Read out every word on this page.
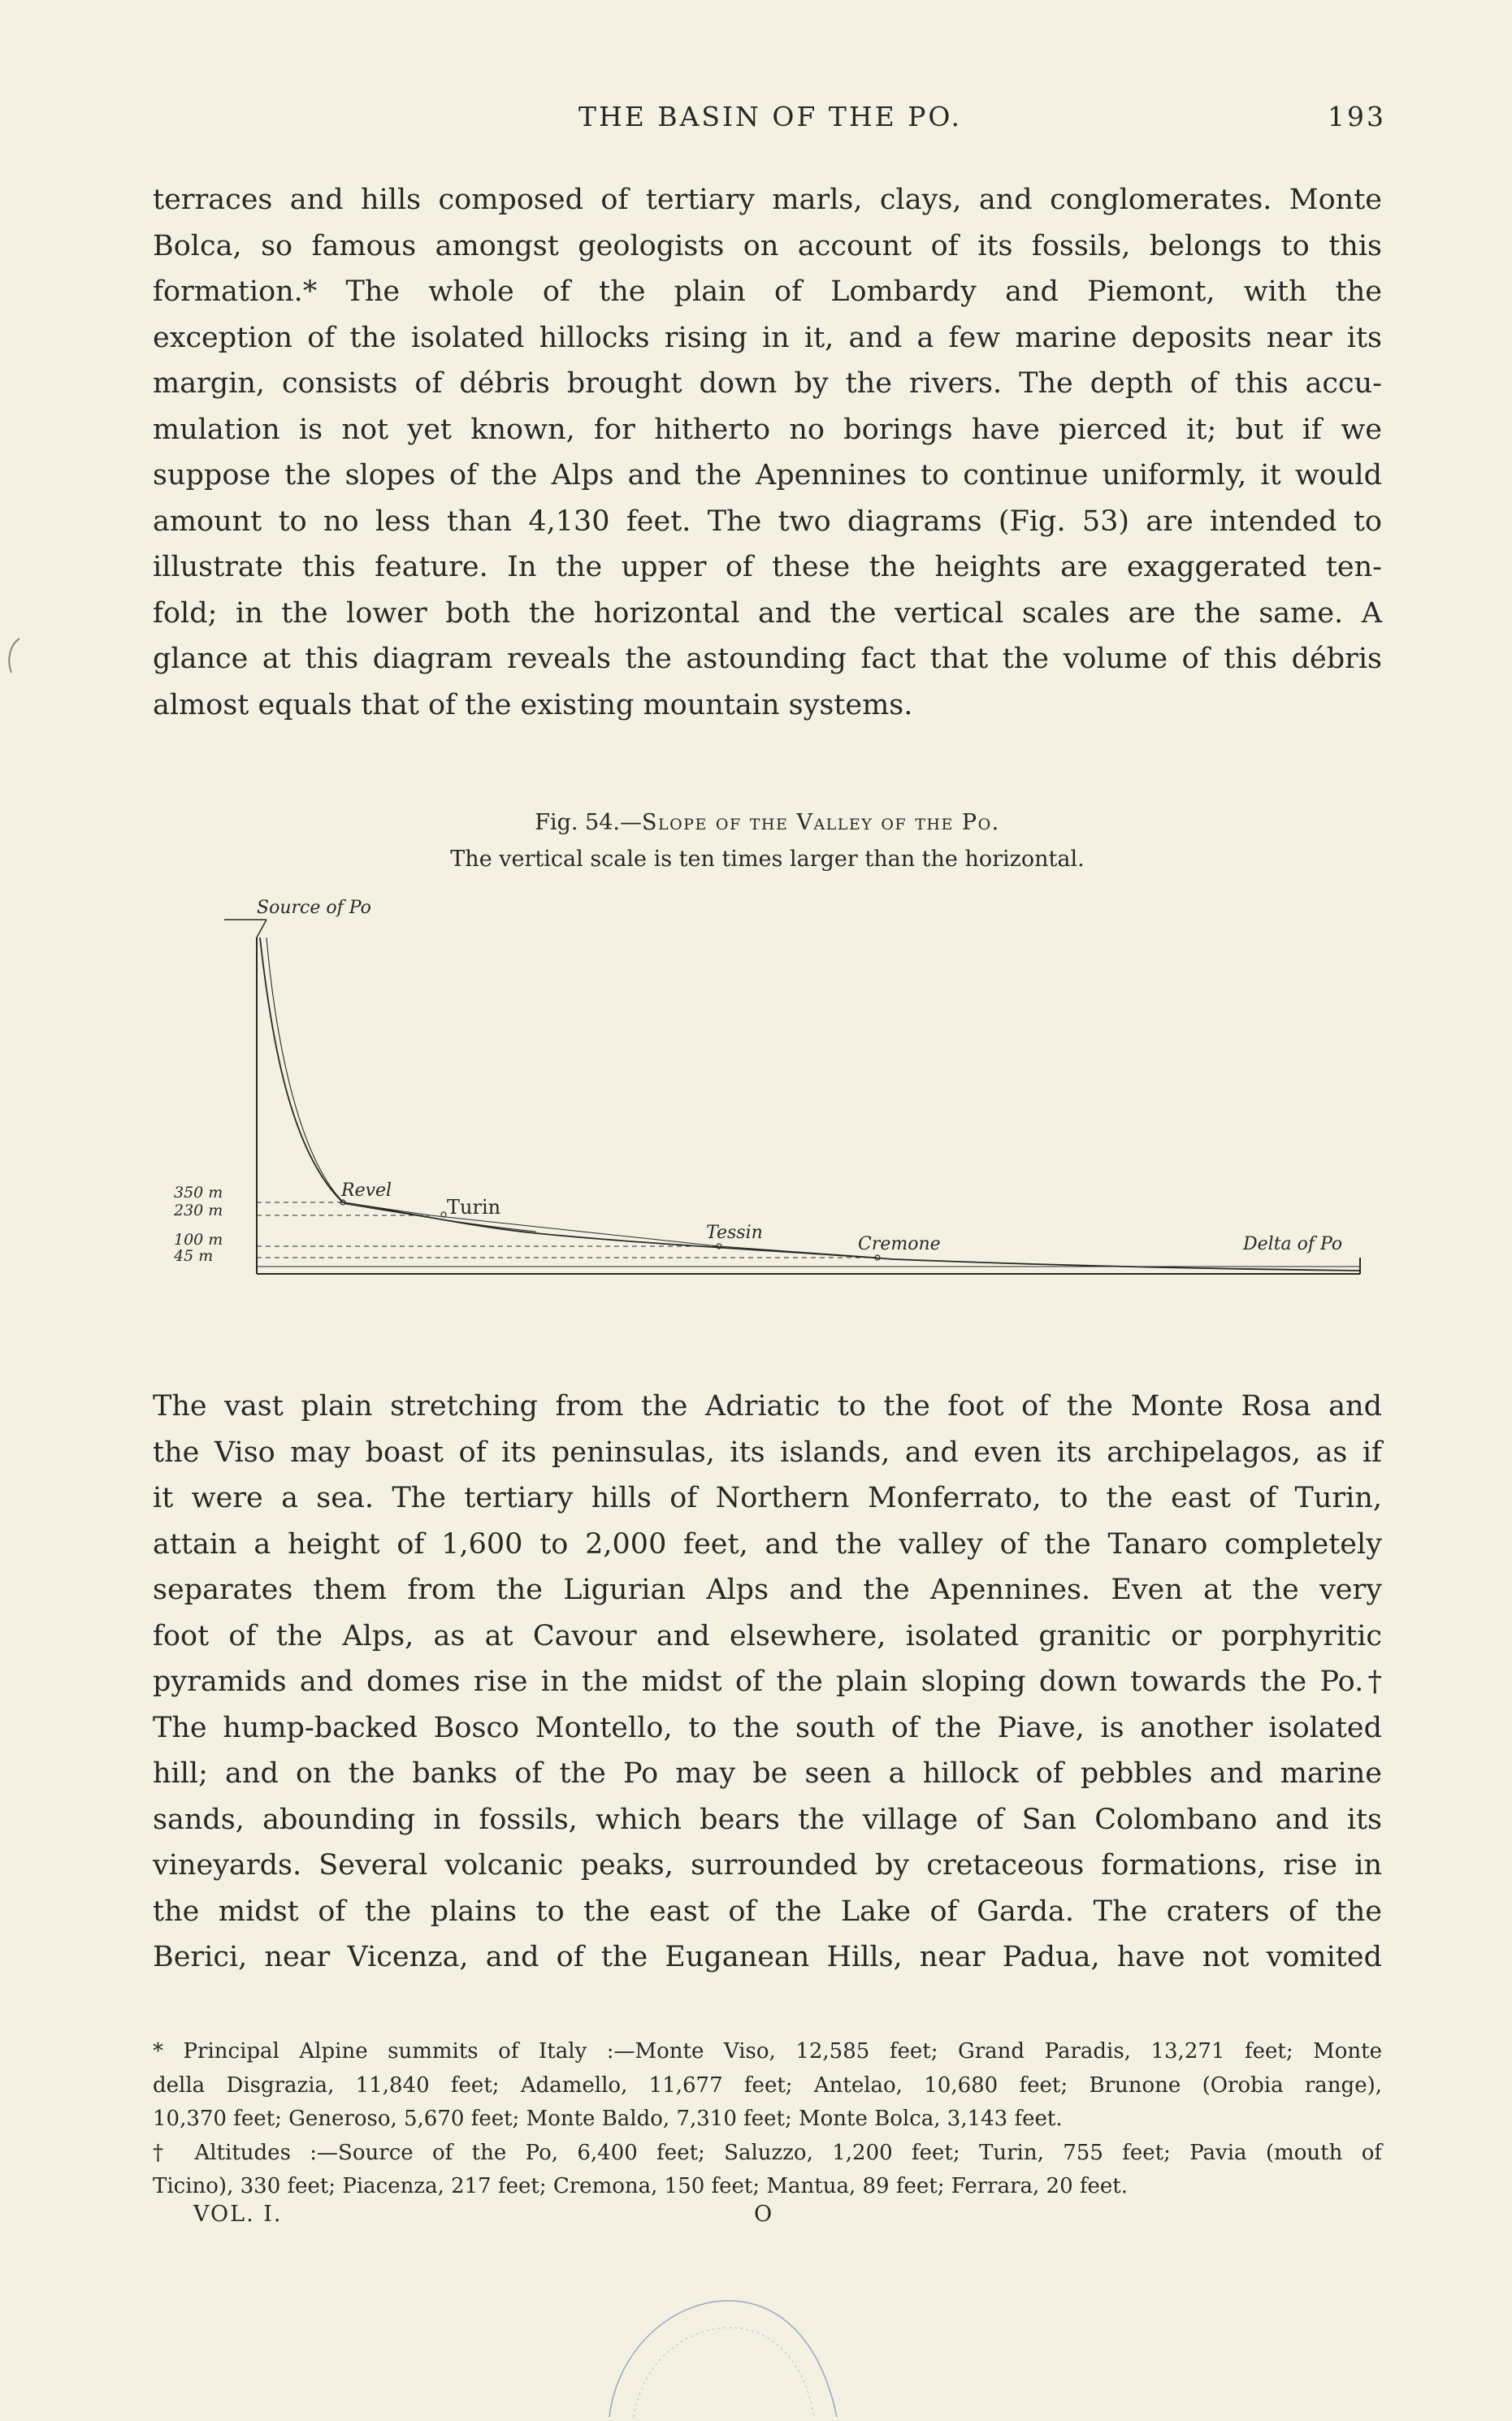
THE BASIN OF THE PO.	193
terraces and hills composed of tertiary marls, clays, and conglomerates. Monte
Bolca, so famous amongst geologists on account of its fossils, belongs to this
formation.* The whole of the plain of Lombardy and Piemont, with the
exception of the isolated hillocks rising in it, and a few marine deposits near its
margin, consists of débris brought down by the rivers. The depth of this accu-
mulation is not yet known, for hitherto no borings have pierced it; but if we
suppose the slopes of the Alps and the Apennines to continue uniformly, it would
amount to no less than 4,130 feet. The two diagrams (Fig. 53) are intended to
illustrate this feature. In the upper of these the heights are exaggerated ten-
fold; in the lower both the horizontal and the vertical scales are the same. A
glance at this diagram reveals the astounding fact that the volume of this débris
almost equals that of the existing mountain systems.
Fig. 54.—Slope of the Valley of the Po.
The vertical scale is ten times larger than the horizontal.
Source of Po
Revel
Turin
Tessin
Cremone	Delta of Po
350 m
230 m
100 m
45 m
The vast plain stretching from the Adriatic to the foot of the Monte Rosa and
the Viso may boast of its peninsulas, its islands, and even its archipelagos, as if
it were a sea. The tertiary hills of Northern Monferrato, to the east of Turin,
attain a height of 1,600 to 2,000 feet, and the valley of the Tanaro completely
separates them from the Ligurian Alps and the Apennines. Even at the very
foot of the Alps, as at Cavour and elsewhere, isolated granitic or porphyritic
pyramids and domes rise in the midst of the plain sloping down towards the Po.†
The hump-backed Bosco Montello, to the south of the Piave, is another isolated
hill; and on the banks of the Po may be seen a hillock of pebbles and marine
sands, abounding in fossils, which bears the village of San Colombano and its
vineyards. Several volcanic peaks, surrounded by cretaceous formations, rise in
the midst of the plains to the east of the Lake of Garda. The craters of the
Berici, near Vicenza, and of the Euganean Hills, near Padua, have not vomited
* Principal Alpine summits of Italy :—Monte Viso, 12,585 feet; Grand Paradis, 13,271 feet; Monte
della Disgrazia, 11,840 feet; Adamello, 11,677 feet; Antelao, 10,680 feet; Brunone (Orobia range),
10,370 feet; Generoso, 5,670 feet; Monte Baldo, 7,310 feet; Monte Bolca, 3,143 feet.
† Altitudes :—Source of the Po, 6,400 feet; Saluzzo, 1,200 feet; Turin, 755 feet; Pavia (mouth of
Ticino), 330 feet; Piacenza, 217 feet; Cremona, 150 feet; Mantua, 89 feet; Ferrara, 20 feet.
VOL. I.	O
